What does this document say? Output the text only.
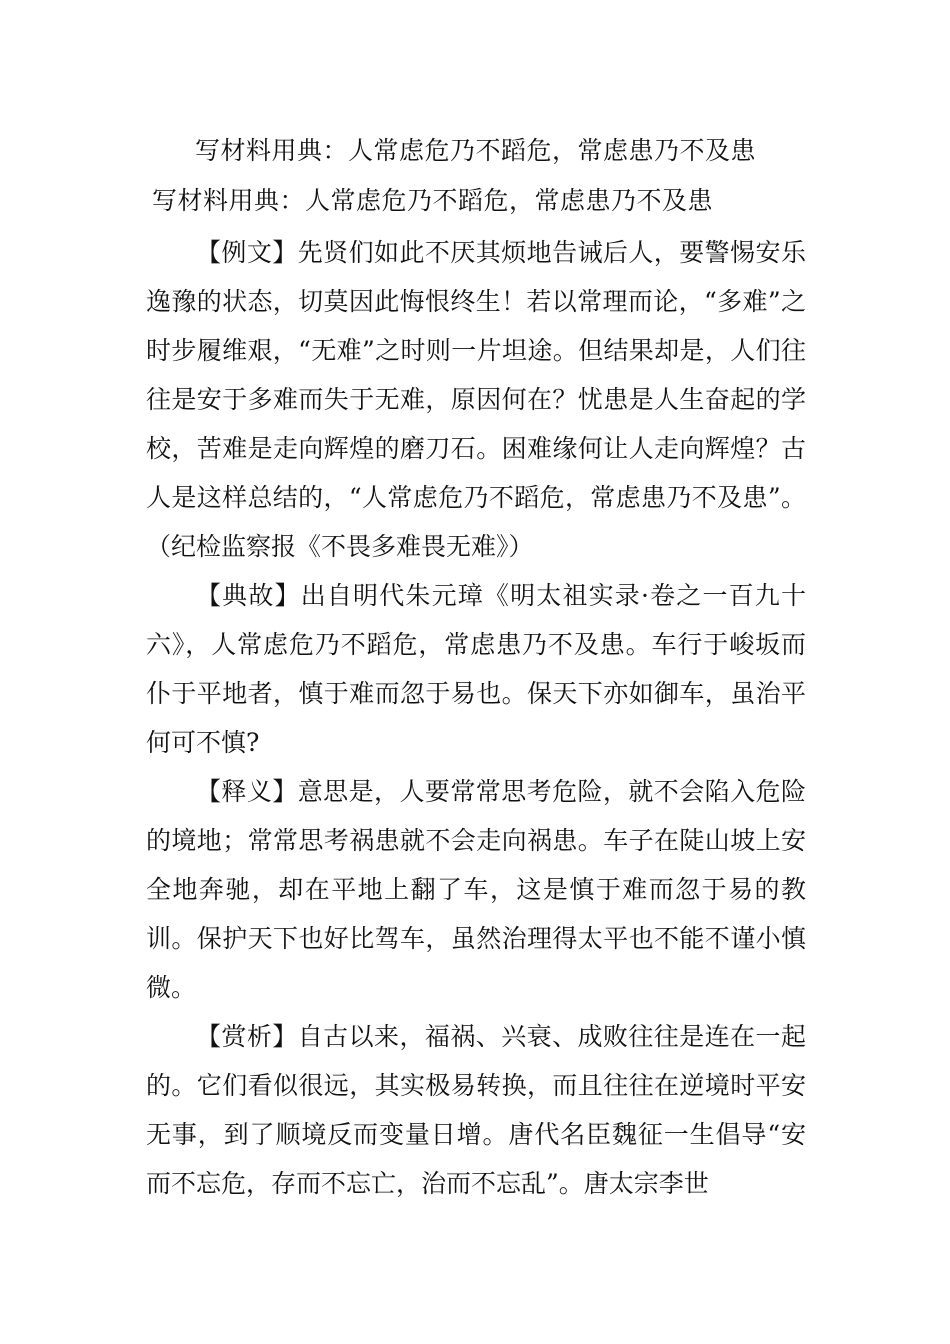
写材料用典：人常虑危乃不蹈危，常虑患乃不及患
写材料用典：人常虑危乃不蹈危，常虑患乃不及患

【例文】先贤们如此不厌其烦地告诫后人，要警惕安乐逸豫的状态，切莫因此悔恨终生！若以常理而论，“多难”之时步履维艰，“无难”之时则一片坦途。但结果却是，人们往往是安于多难而失于无难，原因何在？忧患是人生奋起的学校，苦难是走向辉煌的磨刀石。困难缘何让人走向辉煌？古人是这样总结的，“人常虑危乃不蹈危，常虑患乃不及患”。（纪检监察报《不畏多难畏无难》）

【典故】出自明代朱元璋《明太祖实录·卷之一百九十六》，人常虑危乃不蹈危，常虑患乃不及患。车行于峻坂而仆于平地者，慎于难而忽于易也。保天下亦如御车，虽治平何可不慎?

【释义】意思是，人要常常思考危险，就不会陷入危险的境地；常常思考祸患就不会走向祸患。车子在陡山坡上安全地奔驰，却在平地上翻了车，这是慎于难而忽于易的教训。保护天下也好比驾车，虽然治理得太平也不能不谨小慎微。

【赏析】自古以来，福祸、兴衰、成败往往是连在一起的。它们看似很远，其实极易转换，而且往往在逆境时平安无事，到了顺境反而变量日增。唐代名臣魏征一生倡导“安而不忘危，存而不忘亡，治而不忘乱”。唐太宗李世
